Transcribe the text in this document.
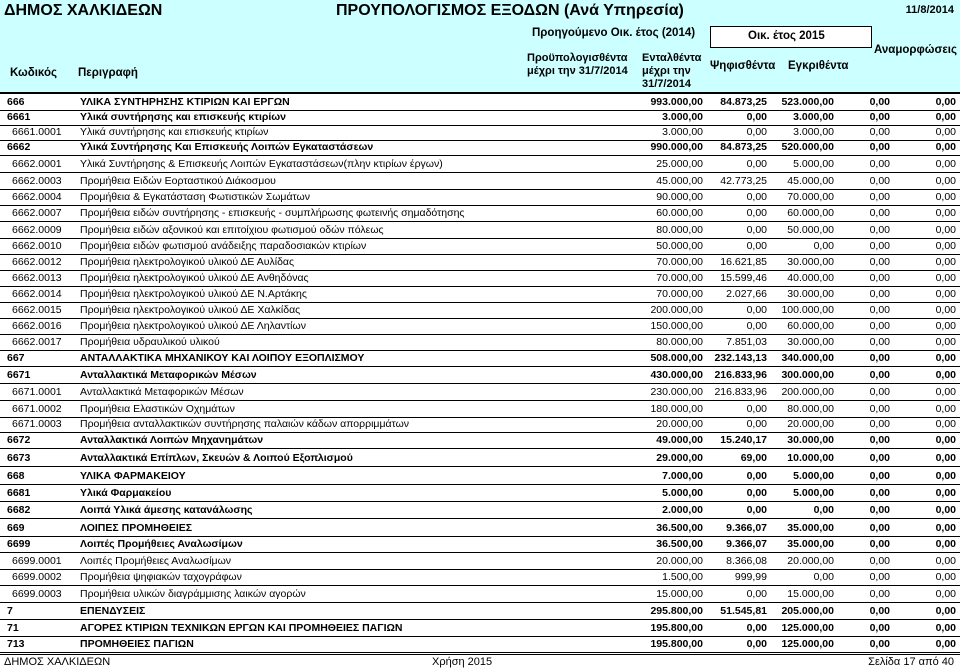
ΔΗΜΟΣ ΧΑΛΚΙΔΕΩΝ	ΠΡΟΥΠΟΛΟΓΙΣΜΟΣ ΕΞΟΔΩΝ (Ανά Υπηρεσία)	11/8/2014
Προηγούμενο Οικ. έτος (2014)	Οικ. έτος 2015
Κωδικός Περιγραφή
Προϋπολογισθέντα
μέχρι την 31/7/2014
Ενταλθέντα
μέχρι την
31/7/2014
Ψηφισθέντα Εγκριθέντα
Αναμορφώσεις
666	ΥΛΙΚΑ ΣΥΝΤΗΡΗΣΗΣ ΚΤΙΡΙΩΝ ΚΑΙ ΕΡΓΩΝ	993.000,00 84.873,25 523.000,00	0,00	0,00
6661	Υλικά συντήρησης και επισκευής κτιρίων	3.000,00	0,00 3.000,00	0,00	0,00
6661.0001 Υλικά συντήρησης και επισκευής κτιρίων	3.000,00	0,00 3.000,00	0,00	0,00
6662	Υλικά Συντήρησης Και Επισκευής Λοιπών Εγκαταστάσεων	990.000,00 84.873,25 520.000,00	0,00	0,00
6662.0001 Υλικά Συντήρησης & Επισκευής Λοιπών Εγκαταστάσεων(πλην κτιρίων έργων)	25.000,00	0,00 5.000,00	0,00	0,00
6662.0003 Προμήθεια Ειδών Εορταστικού Διάκοσμου	45.000,00 42.773,25 45.000,00	0,00	0,00
6662.0004 Προμήθεια & Εγκατάσταση Φωτιστικών Σωμάτων	90.000,00	0,00 70.000,00	0,00	0,00
6662.0007 Προμήθεια ειδών συντήρησης - επισκευής - συμπλήρωσης φωτεινής σημαδότησης	60.000,00	0,00 60.000,00	0,00	0,00
6662.0009 Προμήθεια ειδών αξονικού και επιτοίχιου φωτισμού οδών πόλεως	80.000,00	0,00 50.000,00	0,00	0,00
6662.0010 Προμήθεια ειδών φωτισμού ανάδειξης παραδοσιακών κτιρίων	50.000,00	0,00	0,00	0,00	0,00
6662.0012 Προμήθεια ηλεκτρολογικού υλικού ΔΕ Αυλίδας	70.000,00 16.621,85 30.000,00	0,00	0,00
6662.0013 Προμήθεια ηλεκτρολογικού υλικού ΔΕ Ανθηδόνας	70.000,00 15.599,46 40.000,00	0,00	0,00
6662.0014 Προμήθεια ηλεκτρολογικού υλικού ΔΕ Ν.Αρτάκης	70.000,00 2.027,66 30.000,00	0,00	0,00
6662.0015 Προμήθεια ηλεκτρολογικού υλικού ΔΕ Χαλκίδας	200.000,00	0,00 100.000,00	0,00	0,00
6662.0016 Προμήθεια ηλεκτρολογικού υλικού ΔΕ Ληλαντίων	150.000,00	0,00 60.000,00	0,00	0,00
6662.0017 Προμήθεια υδραυλικού υλικού	80.000,00 7.851,03 30.000,00	0,00	0,00
667	ΑΝΤΑΛΛΑΚΤΙΚΑ ΜΗΧΑΝΙΚΟΥ ΚΑΙ ΛΟΙΠΟΥ ΕΞΟΠΛΙΣΜΟΥ	508.000,00 232.143,13 340.000,00	0,00	0,00
6671	Ανταλλακτικά Μεταφορικών Μέσων	430.000,00 216.833,96 300.000,00	0,00	0,00
6671.0001 Ανταλλακτικά Μεταφορικών Μέσων	230.000,00 216.833,96 200.000,00	0,00	0,00
6671.0002 Προμήθεια Ελαστικών Οχημάτων	180.000,00	0,00 80.000,00	0,00	0,00
6671.0003 Προμήθεια ανταλλακτικών συντήρησης παλαιών κάδων απορριμμάτων	20.000,00	0,00 20.000,00	0,00	0,00
6672	Ανταλλακτικά Λοιπών Μηχανημάτων	49.000,00 15.240,17 30.000,00	0,00	0,00
6673	Ανταλλακτικά Επίπλων, Σκευών & Λοιπού Εξοπλισμού	29.000,00	69,00 10.000,00	0,00	0,00
668	ΥΛΙΚΑ ΦΑΡΜΑΚΕΙΟΥ	7.000,00	0,00 5.000,00	0,00	0,00
6681	Υλικά Φαρμακείου	5.000,00	0,00 5.000,00	0,00	0,00
6682	Λοιπά Υλικά άμεσης κατανάλωσης	2.000,00	0,00	0,00	0,00	0,00
669	ΛΟΙΠΕΣ ΠΡΟΜΗΘΕΙΕΣ	36.500,00 9.366,07 35.000,00	0,00	0,00
6699	Λοιπές Προμήθειες Αναλωσίμων	36.500,00 9.366,07 35.000,00	0,00	0,00
6699.0001 Λοιπές Προμήθειες Αναλωσίμων	20.000,00 8.366,08 20.000,00	0,00	0,00
6699.0002 Προμήθεια ψηφιακών ταχογράφων	1.500,00	999,99	0,00	0,00	0,00
6699.0003 Προμήθεια υλικών διαγράμμισης λαικών αγορών	15.000,00	0,00 15.000,00	0,00	0,00
7	ΕΠΕΝΔΥΣΕΙΣ	295.800,00 51.545,81 205.000,00	0,00	0,00
71	ΑΓΟΡΕΣ ΚΤΙΡΙΩΝ ΤΕΧΝΙΚΩΝ ΕΡΓΩΝ ΚΑΙ ΠΡΟΜΗΘΕΙΕΣ ΠΑΓΙΩΝ	195.800,00	0,00 125.000,00	0,00	0,00
713	ΠΡΟΜΗΘΕΙΕΣ ΠΑΓΙΩΝ	195.800,00	0,00 125.000,00	0,00	0,00
ΔΗΜΟΣ ΧΑΛΚΙΔΕΩΝ	Χρήση 2015	Σελίδα 17 από 40
